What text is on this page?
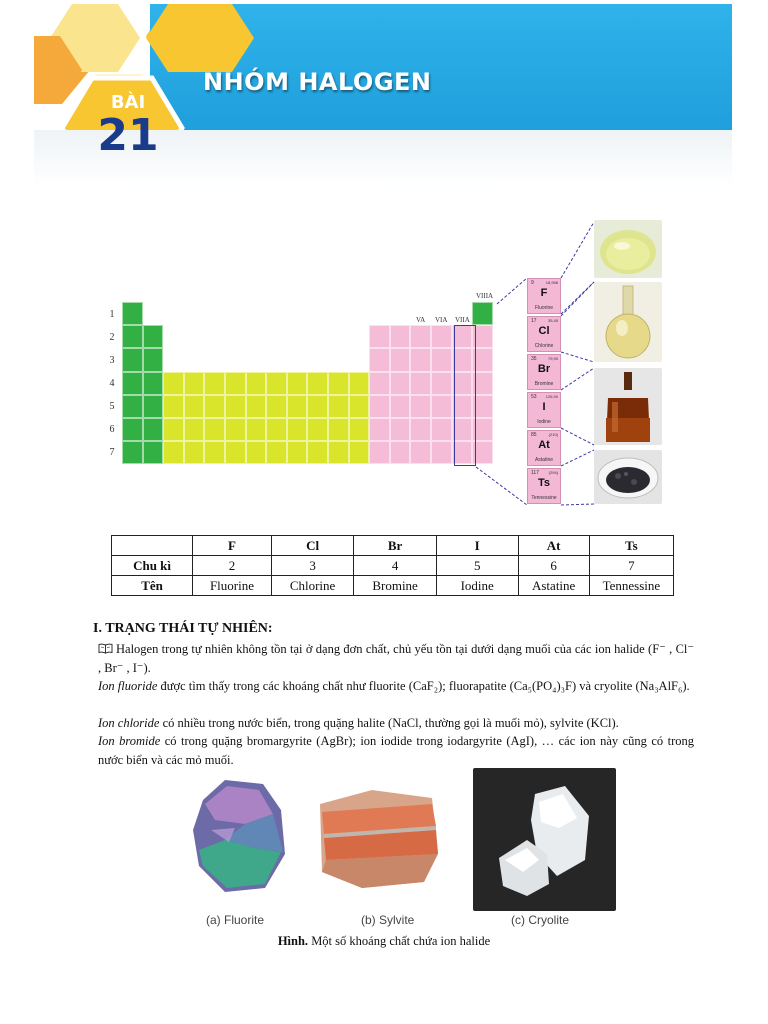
BÀI
21
NHÓM HALOGEN
1
2
3
4
5
6
7
VA VIA VIIA
VIIIA
9	18,998
F
Fluorine
17	35,45
Cl
Chlorine
35	79,90
Br
Bromine
53 126,90
I
Iodine
85	(210)
At
Astatine
117 (294)
Ts
Tennessine
	F	Cl	Br	I	At	Ts
Chu kì	2	3	4	5	6	7
Tên	Fluorine	Chlorine	Bromine	Iodine	Astatine	Tennessine
I. TRẠNG THÁI TỰ NHIÊN:
Halogen trong tự nhiên không tồn tại ở dạng đơn chất, chủ yếu tồn tại dưới dạng muối của các ion halide (F⁻ , Cl⁻ , Br⁻ , I⁻).
Ion fluoride được tìm thấy trong các khoáng chất như fluorite (CaF₂); fluorapatite (Ca₅(PO₄)₃F) và cryolite (Na₃AlF₆).
Ion chloride có nhiều trong nước biển, trong quặng halite (NaCl, thường gọi là muối mỏ), sylvite (KCl).
Ion bromide có trong quặng bromargyrite (AgBr); ion iodide trong iodargyrite (AgI), … các ion này cũng có trong nước biển và các mỏ muối.
(a) Fluorite	(b) Sylvite	(c) Cryolite
Hình. Một số khoáng chất chứa ion halide
